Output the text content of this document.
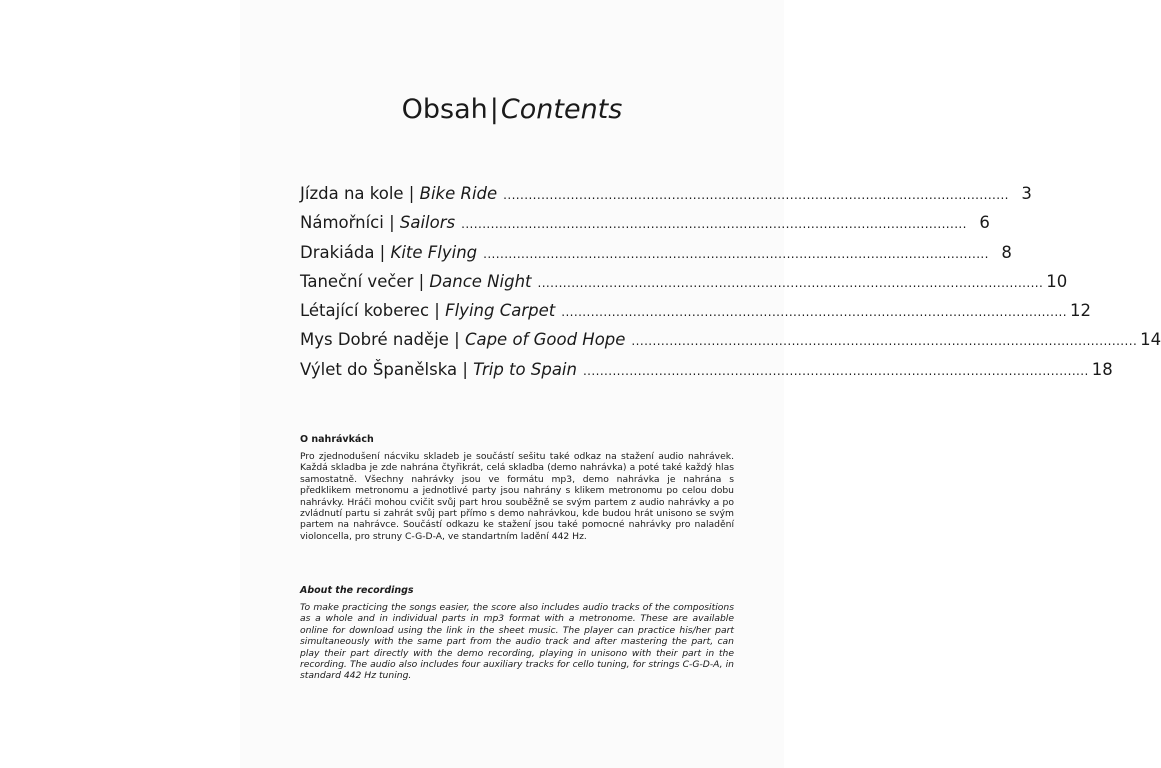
Obsah|Contents
Jízda na kole | Bike Ride ........................................................................................................................ 3
Námořníci | Sailors ........................................................................................................................ 6
Drakiáda | Kite Flying ........................................................................................................................ 8
Taneční večer | Dance Night ........................................................................................................................ 10
Létající koberec | Flying Carpet ........................................................................................................................ 12
Mys Dobré naděje | Cape of Good Hope ........................................................................................................................ 14
Výlet do Španělska | Trip to Spain ........................................................................................................................ 18
O nahrávkách

Pro zjednodušení nácviku skladeb je součástí sešitu také odkaz na stažení audio nahrávek. Každá skladba je zde nahrána čtyřikrát, celá skladba (demo nahrávka) a poté také každý hlas samostatně. Všechny nahrávky jsou ve formátu mp3, demo nahrávka je nahrána s předklikem metronomu a jednotlivé party jsou nahrány s klikem metronomu po celou dobu nahrávky. Hráči mohou cvičit svůj part hrou souběžně se svým partem z audio nahrávky a po zvládnutí partu si zahrát svůj part přímo s demo nahrávkou, kde budou hrát unisono se svým partem na nahrávce. Součástí odkazu ke stažení jsou také pomocné nahrávky pro naladění violoncella, pro struny C-G-D-A, ve standartním ladění 442 Hz.

About the recordings

To make practicing the songs easier, the score also includes audio tracks of the compositions as a whole and in individual parts in mp3 format with a metronome. These are available online for download using the link in the sheet music. The player can practice his/her part simultaneously with the same part from the audio track and after mastering the part, can play their part directly with the demo recording, playing in unisono with their part in the recording. The audio also includes four auxiliary tracks for cello tuning, for strings C-G-D-A, in standard 442 Hz tuning.
